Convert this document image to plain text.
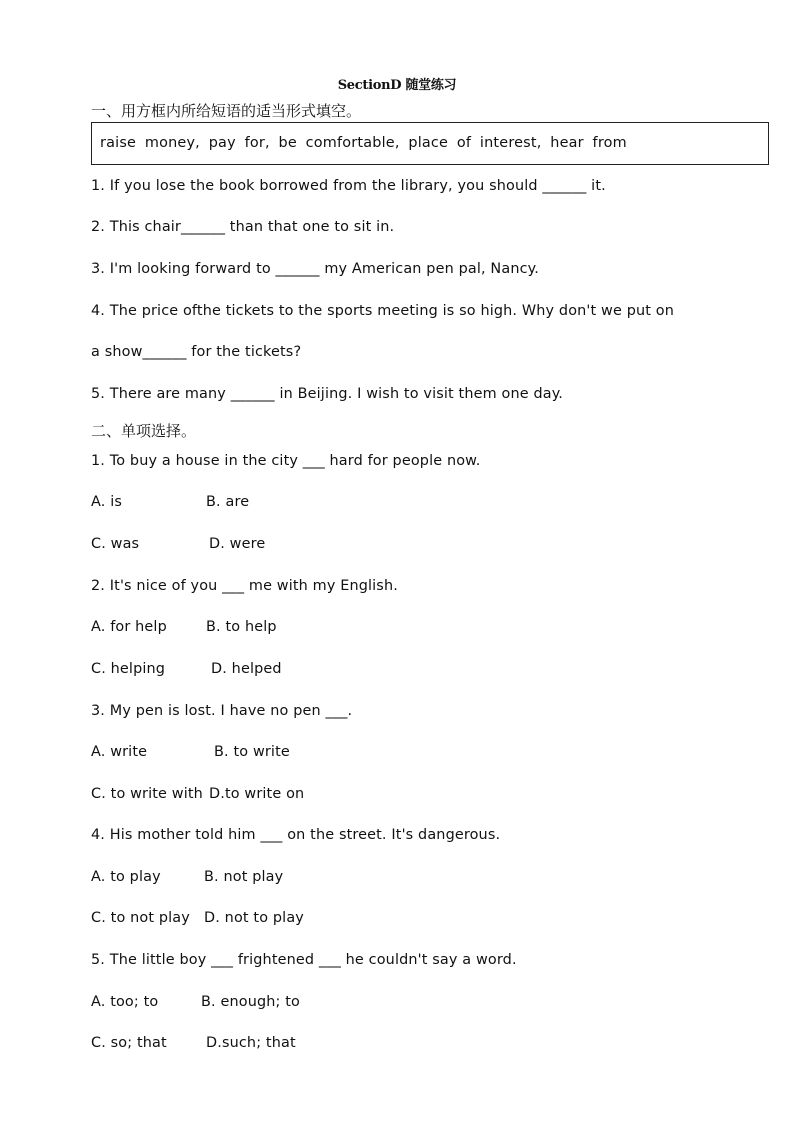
SectionD 随堂练习
一、用方框内所给短语的适当形式填空。
raise money, pay for, be comfortable, place of interest, hear from
1. If you lose the book borrowed from the library, you should ______ it.
2. This chair______ than that one to sit in.
3. I'm looking forward to ______ my American pen pal, Nancy.
4. The price ofthe tickets to the sports meeting is so high. Why don't we put on
a show______ for the tickets?
5. There are many ______ in Beijing. I wish to visit them one day.
二、单项选择。
1. To buy a house in the city ___ hard for people now.
A. is	B. are
C. was	D. were
2. It's nice of you ___ me with my English.
A. for help	B. to help
C. helping	D. helped
3. My pen is lost. I have no pen ___.
A. write	B. to write
C. to write with D.to write on
4. His mother told him ___ on the street. It's dangerous.
A. to play	B. not play
C. to not play D. not to play
5. The little boy ___ frightened ___ he couldn't say a word.
A. too; to	B. enough; to
C. so; that	D.such; that
